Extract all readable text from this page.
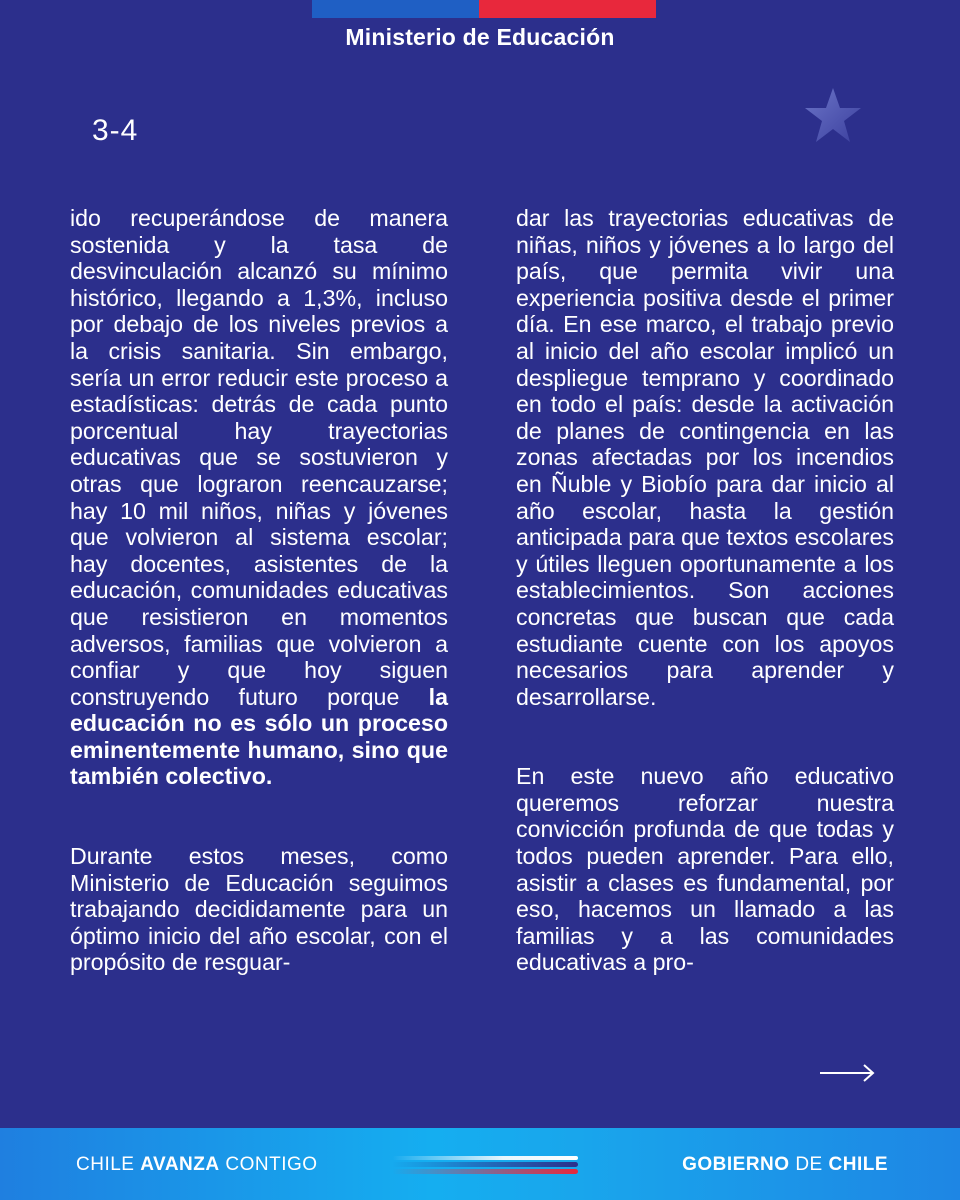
Ministerio de Educación
3-4

ido recuperándose de manera sostenida y la tasa de desvinculación alcanzó su mínimo histórico, llegando a 1,3%, incluso por debajo de los niveles previos a la crisis sanitaria. Sin embargo, sería un error reducir este proceso a estadísticas: detrás de cada punto porcentual hay trayectorias educativas que se sostuvieron y otras que lograron reencauzarse; hay 10 mil niños, niñas y jóvenes que volvieron al sistema escolar; hay docentes, asistentes de la educación, comunidades educativas que resistieron en momentos adversos, familias que volvieron a confiar y que hoy siguen construyendo futuro porque la educación no es sólo un proceso eminentemente humano, sino que también colectivo.

Durante estos meses, como Ministerio de Educación seguimos trabajando decididamente para un óptimo inicio del año escolar, con el propósito de resguar-

dar las trayectorias educativas de niñas, niños y jóvenes a lo largo del país, que permita vivir una experiencia positiva desde el primer día. En ese marco, el trabajo previo al inicio del año escolar implicó un despliegue temprano y coordinado en todo el país: desde la activación de planes de contingencia en las zonas afectadas por los incendios en Ñuble y Biobío para dar inicio al año escolar, hasta la gestión anticipada para que textos escolares y útiles lleguen oportunamente a los establecimientos. Son acciones concretas que buscan que cada estudiante cuente con los apoyos necesarios para aprender y desarrollarse.

En este nuevo año educativo queremos reforzar nuestra convicción profunda de que todas y todos pueden aprender. Para ello, asistir a clases es fundamental, por eso, hacemos un llamado a las familias y a las comunidades educativas a pro-

CHILE AVANZA CONTIGO	GOBIERNO DE CHILE
